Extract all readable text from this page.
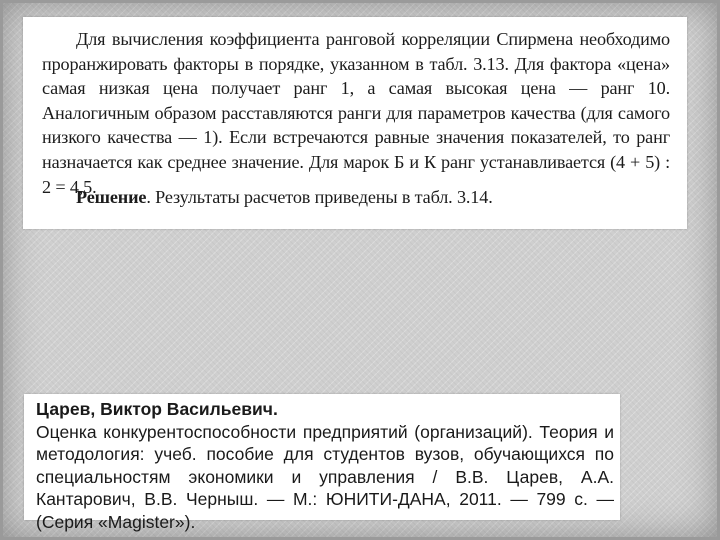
Для вычисления коэффициента ранговой корреляции Спирмена необходимо проранжировать факторы в порядке, указанном в табл. 3.13. Для фактора «цена» самая низкая цена получает ранг 1, а самая высокая цена — ранг 10. Аналогичным образом расставляются ранги для параметров качества (для самого низкого качества — 1). Если встречаются равные значения показателей, то ранг назначается как среднее значение. Для марок Б и К ранг устанавливается (4 + 5) : 2 = 4,5.

Решение. Результаты расчетов приведены в табл. 3.14.

Царев, Виктор Васильевич.
Оценка конкурентоспособности предприятий (организаций). Теория и методология: учеб. пособие для студентов вузов, обучающихся по специальностям экономики и управления / В.В. Царев, А.А. Кантарович, В.В. Черныш. — М.: ЮНИТИ-ДАНА, 2011. — 799 с. — (Серия «Magister»).
